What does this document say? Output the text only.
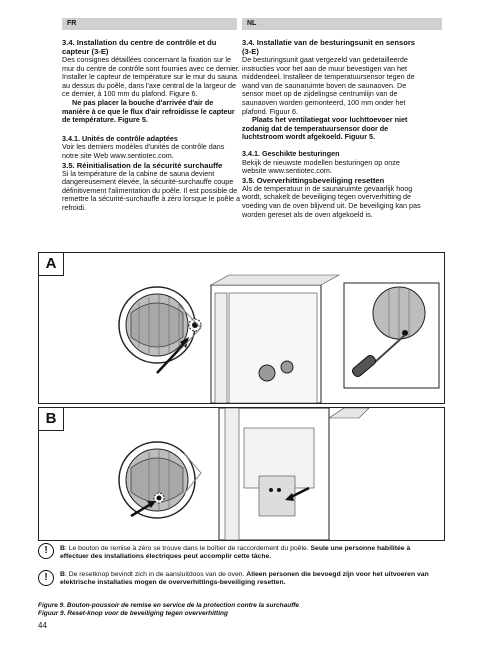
FR	NL
3.4. Installation du centre de contrôle et du capteur (3-E)

Des consignes détaillées concernant la fixation sur le mur du centre de contrôle sont fournies avec ce dernier. Installer le capteur de température sur le mur du sauna au dessus du poêle, dans l'axe central de la largeur de ce dernier, à 100 mm du plafond. Figure 6.

Ne pas placer la bouche d'arrivée d'air de manière à ce que le flux d'air refroidisse le capteur de température. Figure 5.

3.4.1. Unités de contrôle adaptées

Voir les derniers modèles d'unités de contrôle dans notre site Web www.sentiotec.com.

3.5. Réinitialisation de la sécurité surchauffe

Si la température de la cabine de sauna devient dangereusement élevée, la sécurité-surchauffe coupe définitivement l'alimentation du poêle. Il est possible de remettre la sécurité-surchauffe à zéro lorsque le poêle a refroidi.

3.4. Installatie van de besturingsunit en sensors (3-E)

De besturingsunit gaat vergezeld van gedetailleerde instructies voor het aan de muur bevestigen van het middendeel. Installeer de temperatuursensor tegen de wand van de saunaruimte boven de saunaoven. De sensor moet op de zijdelingse centrumlijn van de saunaoven worden gemonteerd, 100 mm onder het plafond. Figuur 6.

Plaats het ventilatiegat voor luchttoevoer niet zodanig dat de temperatuursensor door de luchtstroom wordt afgekoeld. Figuur 5.

3.4.1. Geschikte besturingen

Bekijk de nieuwste modellen besturingen op onze website www.sentiotec.com.

3.5. Oververhittingsbeveiliging resetten

Als de temperatuur in de saunaruimte gevaarlijk hoog wordt, schakelt de beveiliging tegen oververhitting de voeding van de oven blijvend uit. De beveiliging kan pas worden gereset als de oven afgekoeld is.

A
B
!	B: Le bouton de remise à zéro se trouve dans le boîtier de raccordement du poêle. Seule une personne habilitée à effectuer des installations électriques peut accomplir cette tâche.
!	B: De resetknop bevindt zich in de aansluitdoos van de oven. Alleen personen die bevoegd zijn voor het uitvoeren van elektrische installaties mogen de oververhittings-beveiliging resetten.
Figure 9. Bouton-poussoir de remise en service de la protection contre la surchauffe
Figuur 9. Reset-knop voor de beveiliging tegen oververhitting
44
